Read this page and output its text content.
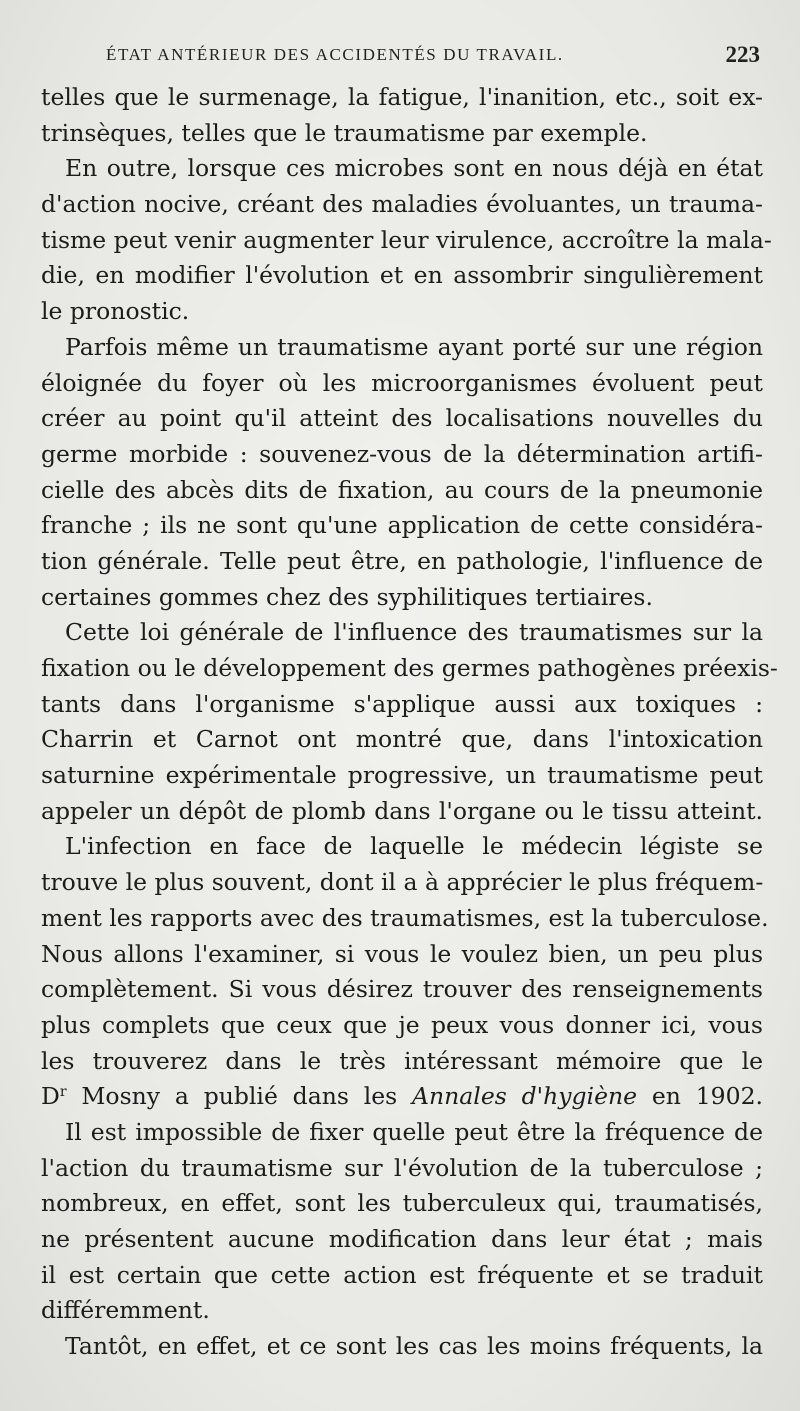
ÉTAT ANTÉRIEUR DES ACCIDENTÉS DU TRAVAIL.	223
telles que le surmenage, la fatigue, l'inanition, etc., soit ex-
trinsèques, telles que le traumatisme par exemple.
En outre, lorsque ces microbes sont en nous déjà en état
d'action nocive, créant des maladies évoluantes, un trauma-
tisme peut venir augmenter leur virulence, accroître la mala-
die, en modifier l'évolution et en assombrir singulièrement
le pronostic.
Parfois même un traumatisme ayant porté sur une région
éloignée du foyer où les microorganismes évoluent peut
créer au point qu'il atteint des localisations nouvelles du
germe morbide : souvenez-vous de la détermination artifi-
cielle des abcès dits de fixation, au cours de la pneumonie
franche ; ils ne sont qu'une application de cette considéra-
tion générale. Telle peut être, en pathologie, l'influence de
certaines gommes chez des syphilitiques tertiaires.
Cette loi générale de l'influence des traumatismes sur la
fixation ou le développement des germes pathogènes préexis-
tants dans l'organisme s'applique aussi aux toxiques :
Charrin et Carnot ont montré que, dans l'intoxication
saturnine expérimentale progressive, un traumatisme peut
appeler un dépôt de plomb dans l'organe ou le tissu atteint.
L'infection en face de laquelle le médecin légiste se
trouve le plus souvent, dont il a à apprécier le plus fréquem-
ment les rapports avec des traumatismes, est la tuberculose.
Nous allons l'examiner, si vous le voulez bien, un peu plus
complètement. Si vous désirez trouver des renseignements
plus complets que ceux que je peux vous donner ici, vous
les trouverez dans le très intéressant mémoire que le
$D^r$ Mosny a publié dans les Annales d'hygiène en 1902.
Il est impossible de fixer quelle peut être la fréquence de
l'action du traumatisme sur l'évolution de la tuberculose ;
nombreux, en effet, sont les tuberculeux qui, traumatisés,
ne présentent aucune modification dans leur état ; mais
il est certain que cette action est fréquente et se traduit
différemment.
Tantôt, en effet, et ce sont les cas les moins fréquents, la
